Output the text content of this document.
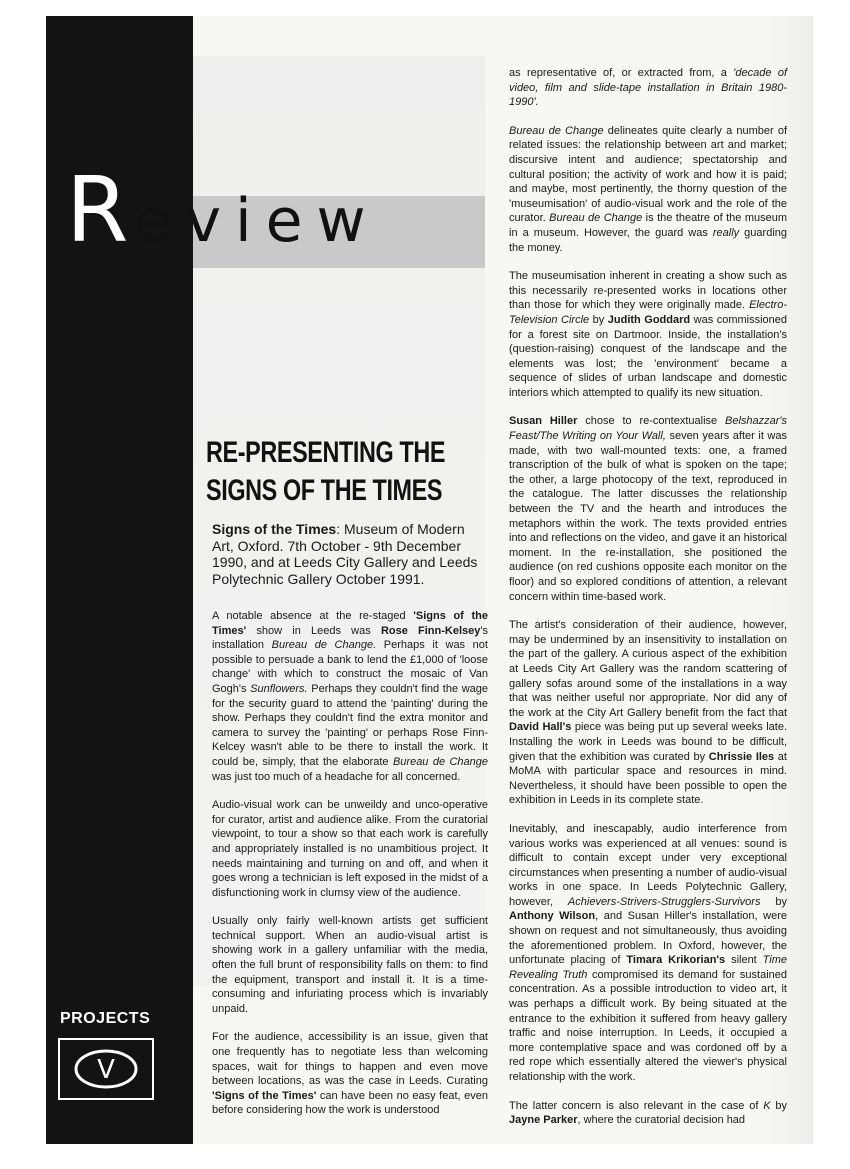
PROJECTS
V
Review
RE-PRESENTING THE
SIGNS OF THE TIMES

Signs of the Times: Museum of Modern Art, Oxford. 7th October - 9th December 1990, and at Leeds City Gallery and Leeds Polytechnic Gallery October 1991.

A notable absence at the re-staged 'Signs of the Times' show in Leeds was Rose Finn-Kelsey's installation Bureau de Change. Perhaps it was not possible to persuade a bank to lend the £1,000 of 'loose change' with which to construct the mosaic of Van Gogh's Sunflowers. Perhaps they couldn't find the wage for the security guard to attend the 'painting' during the show. Perhaps they couldn't find the extra monitor and camera to survey the 'painting' or perhaps Rose Finn-Kelcey wasn't able to be there to install the work. It could be, simply, that the elaborate Bureau de Change was just too much of a headache for all concerned.

Audio-visual work can be unweildy and unco-operative for curator, artist and audience alike. From the curatorial viewpoint, to tour a show so that each work is carefully and appropriately installed is no unambitious project. It needs maintaining and turning on and off, and when it goes wrong a technician is left exposed in the midst of a disfunctioning work in clumsy view of the audience.

Usually only fairly well-known artists get sufficient technical support. When an audio-visual artist is showing work in a gallery unfamiliar with the media, often the full brunt of responsibility falls on them: to find the equipment, transport and install it. It is a time-consuming and infuriating process which is invariably unpaid.

For the audience, accessibility is an issue, given that one frequently has to negotiate less than welcoming spaces, wait for things to happen and even move between locations, as was the case in Leeds. Curating 'Signs of the Times' can have been no easy feat, even before considering how the work is understood

as representative of, or extracted from, a 'decade of video, film and slide-tape installation in Britain 1980-1990'.

Bureau de Change delineates quite clearly a number of related issues: the relationship between art and market; discursive intent and audience; spectatorship and cultural position; the activity of work and how it is paid; and maybe, most pertinently, the thorny question of the 'museumisation' of audio-visual work and the role of the curator. Bureau de Change is the theatre of the museum in a museum. However, the guard was really guarding the money.

The museumisation inherent in creating a show such as this necessarily re-presented works in locations other than those for which they were originally made. Electro-Television Circle by Judith Goddard was commissioned for a forest site on Dartmoor. Inside, the installation's (question-raising) conquest of the landscape and the elements was lost; the 'environment' became a sequence of slides of urban landscape and domestic interiors which attempted to qualify its new situation.

Susan Hiller chose to re-contextualise Belshazzar's Feast/The Writing on Your Wall, seven years after it was made, with two wall-mounted texts: one, a framed transcription of the bulk of what is spoken on the tape; the other, a large photocopy of the text, reproduced in the catalogue. The latter discusses the relationship between the TV and the hearth and introduces the metaphors within the work. The texts provided entries into and reflections on the video, and gave it an historical moment. In the re-installation, she positioned the audience (on red cushions opposite each monitor on the floor) and so explored conditions of attention, a relevant concern within time-based work.

The artist's consideration of their audience, however, may be undermined by an insensitivity to installation on the part of the gallery. A curious aspect of the exhibition at Leeds City Art Gallery was the random scattering of gallery sofas around some of the installations in a way that was neither useful nor appropriate. Nor did any of the work at the City Art Gallery benefit from the fact that David Hall's piece was being put up several weeks late. Installing the work in Leeds was bound to be difficult, given that the exhibition was curated by Chrissie Iles at MoMA with particular space and resources in mind. Nevertheless, it should have been possible to open the exhibition in Leeds in its complete state.

Inevitably, and inescapably, audio interference from various works was experienced at all venues: sound is difficult to contain except under very exceptional circumstances when presenting a number of audio-visual works in one space. In Leeds Polytechnic Gallery, however, Achievers-Strivers-Strugglers-Survivors by Anthony Wilson, and Susan Hiller's installation, were shown on request and not simultaneously, thus avoiding the aforementioned problem. In Oxford, however, the unfortunate placing of Timara Krikorian's silent Time Revealing Truth compromised its demand for sustained concentration. As a possible introduction to video art, it was perhaps a difficult work. By being situated at the entrance to the exhibition it suffered from heavy gallery traffic and noise interruption. In Leeds, it occupied a more contemplative space and was cordoned off by a red rope which essentially altered the viewer's physical relationship with the work.

The latter concern is also relevant in the case of K by Jayne Parker, where the curatorial decision had
